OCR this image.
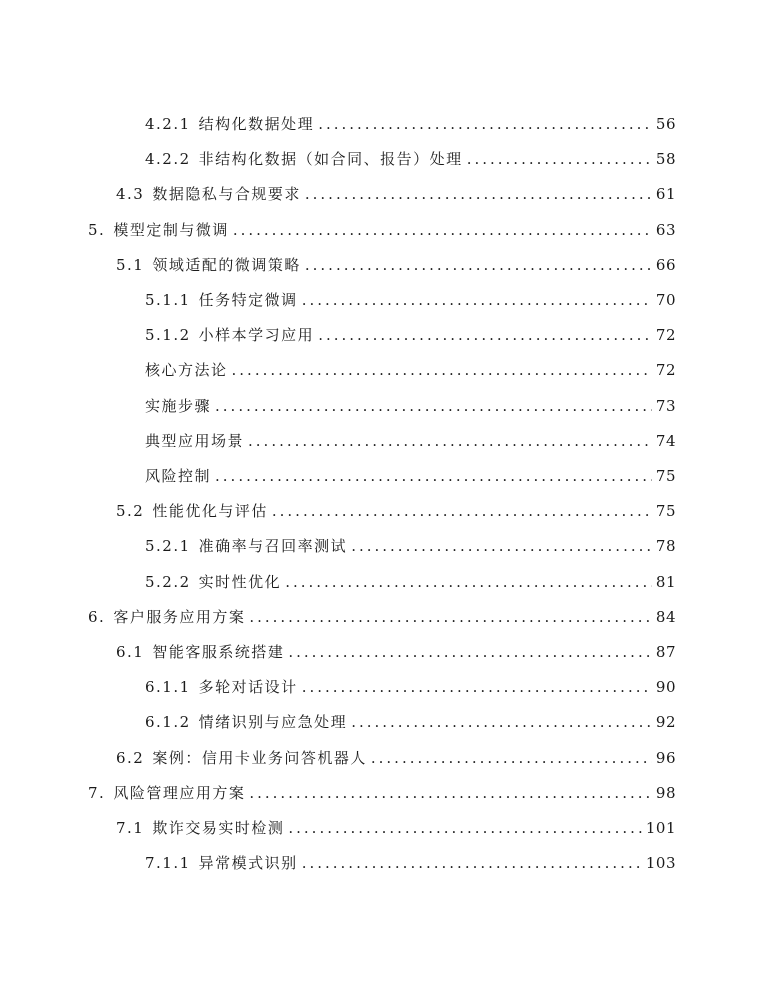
4.2.1 结构化数据处理 .....	56
4.2.2 非结构化数据（如合同、报告）处理 .....	58
4.3 数据隐私与合规要求 .....	61
5. 模型定制与微调 .....	63
5.1 领域适配的微调策略 .....	66
5.1.1 任务特定微调 .....	70
5.1.2 小样本学习应用 .....	72
核心方法论 .....	72
实施步骤 .....	73
典型应用场景 .....	74
风险控制 .....	75
5.2 性能优化与评估 .....	75
5.2.1 准确率与召回率测试 .....	78
5.2.2 实时性优化 .....	81
6. 客户服务应用方案 .....	84
6.1 智能客服系统搭建 .....	87
6.1.1 多轮对话设计 .....	90
6.1.2 情绪识别与应急处理 .....	92
6.2 案例：信用卡业务问答机器人 .....	96
7. 风险管理应用方案 .....	98
7.1 欺诈交易实时检测 .....	101
7.1.1 异常模式识别 .....	103
